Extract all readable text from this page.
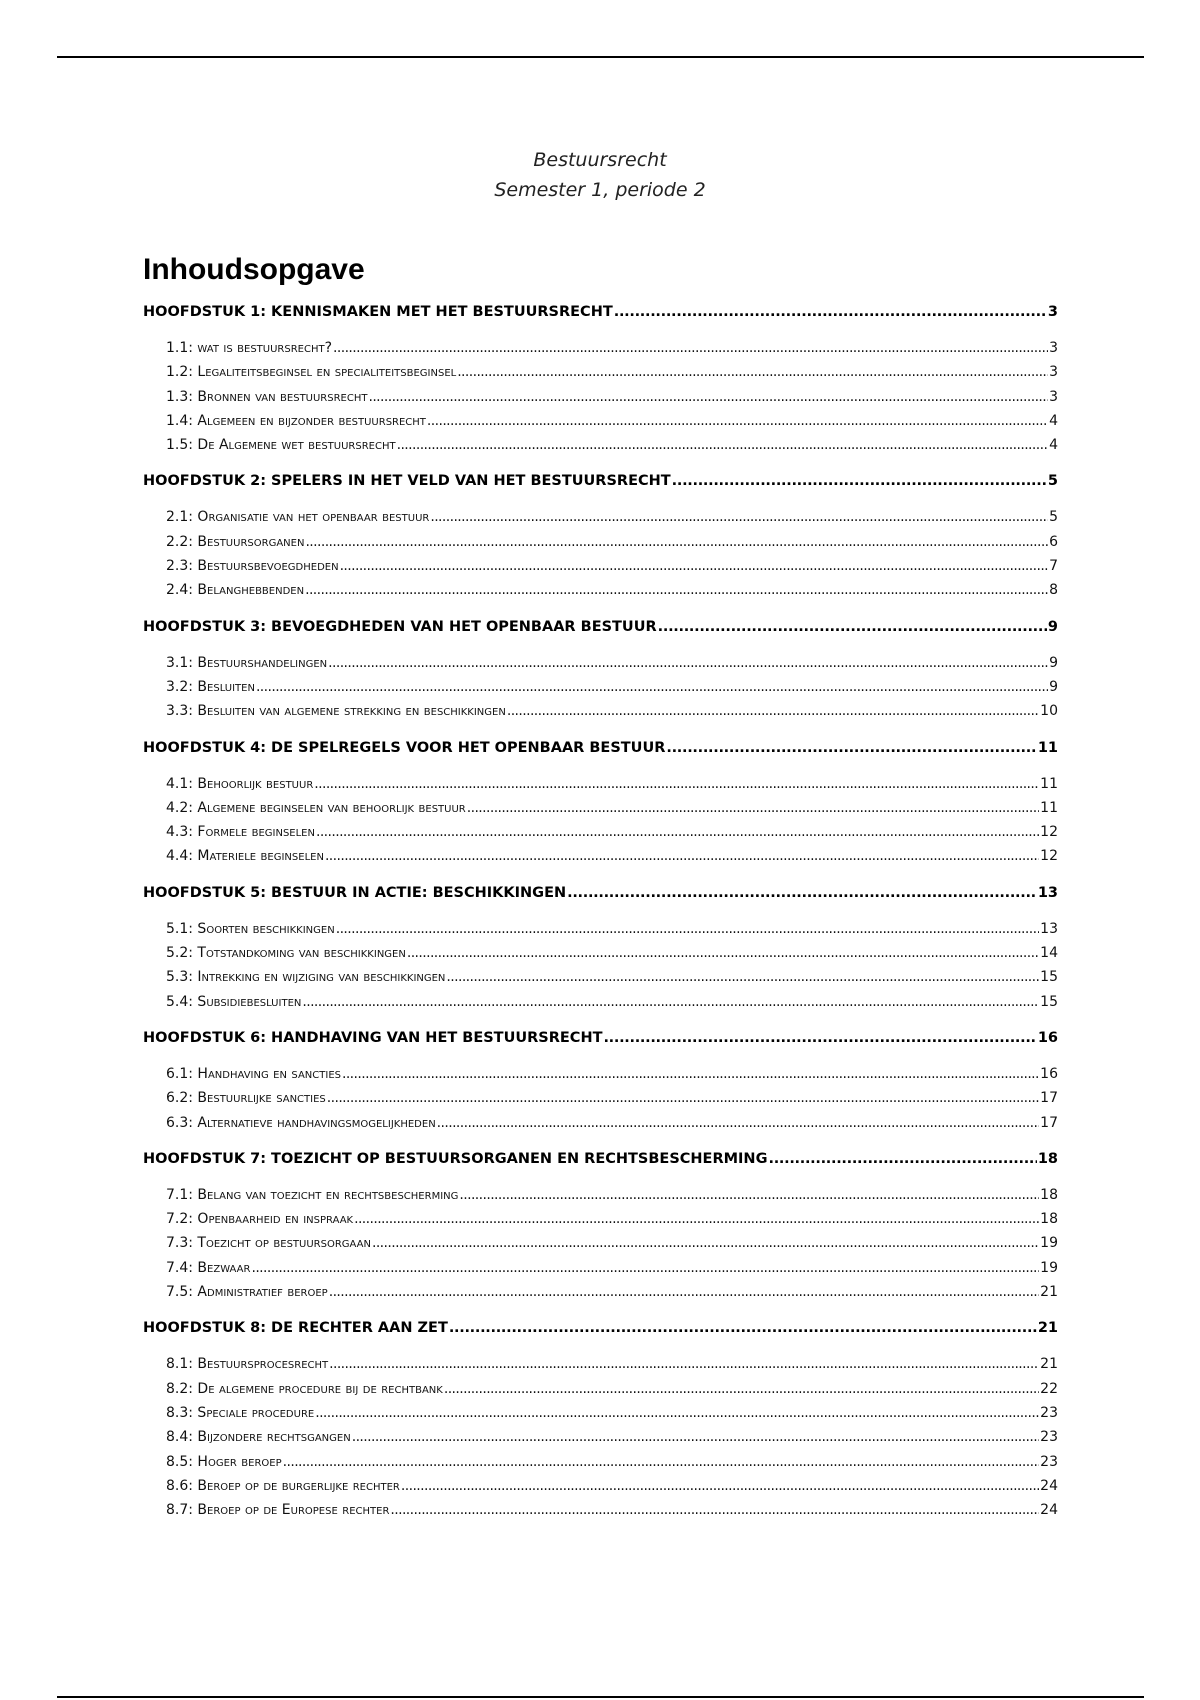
Bestuursrecht
Semester 1, periode 2
Inhoudsopgave
HOOFDSTUK 1: KENNISMAKEN MET HET BESTUURSRECHT .....	3
1.1: wat is bestuursrecht? .....	3
1.2: Legaliteitsbeginsel en specialiteitsbeginsel .....	3
1.3: Bronnen van bestuursrecht .....	3
1.4: Algemeen en bijzonder bestuursrecht .....	4
1.5: De Algemene wet bestuursrecht .....	4
HOOFDSTUK 2: SPELERS IN HET VELD VAN HET BESTUURSRECHT .....	5
2.1: Organisatie van het openbaar bestuur .....	5
2.2: Bestuursorganen .....	6
2.3: Bestuursbevoegdheden .....	7
2.4: Belanghebbenden .....	8
HOOFDSTUK 3: BEVOEGDHEDEN VAN HET OPENBAAR BESTUUR .....	9
3.1: Bestuurshandelingen .....	9
3.2: Besluiten .....	9
3.3: Besluiten van algemene strekking en beschikkingen .....	10
HOOFDSTUK 4: DE SPELREGELS VOOR HET OPENBAAR BESTUUR .....	11
4.1: Behoorlijk bestuur .....	11
4.2: Algemene beginselen van behoorlijk bestuur .....	11
4.3: Formele beginselen .....	12
4.4: Materiele beginselen .....	12
HOOFDSTUK 5: BESTUUR IN ACTIE: BESCHIKKINGEN .....	13
5.1: Soorten beschikkingen .....	13
5.2: Totstandkoming van beschikkingen .....	14
5.3: Intrekking en wijziging van beschikkingen .....	15
5.4: Subsidiebesluiten .....	15
HOOFDSTUK 6: HANDHAVING VAN HET BESTUURSRECHT .....	16
6.1: Handhaving en sancties .....	16
6.2: Bestuurlijke sancties .....	17
6.3: Alternatieve handhavingsmogelijkheden .....	17
HOOFDSTUK 7: TOEZICHT OP BESTUURSORGANEN EN RECHTSBESCHERMING .....	18
7.1: Belang van toezicht en rechtsbescherming .....	18
7.2: Openbaarheid en inspraak .....	18
7.3: Toezicht op bestuursorgaan .....	19
7.4: Bezwaar .....	19
7.5: Administratief beroep .....	21
HOOFDSTUK 8: DE RECHTER AAN ZET .....	21
8.1: Bestuursprocesrecht .....	21
8.2: De algemene procedure bij de rechtbank .....	22
8.3: Speciale procedure .....	23
8.4: Bijzondere rechtsgangen .....	23
8.5: Hoger beroep .....	23
8.6: Beroep op de burgerlijke rechter .....	24
8.7: Beroep op de Europese rechter .....	24
